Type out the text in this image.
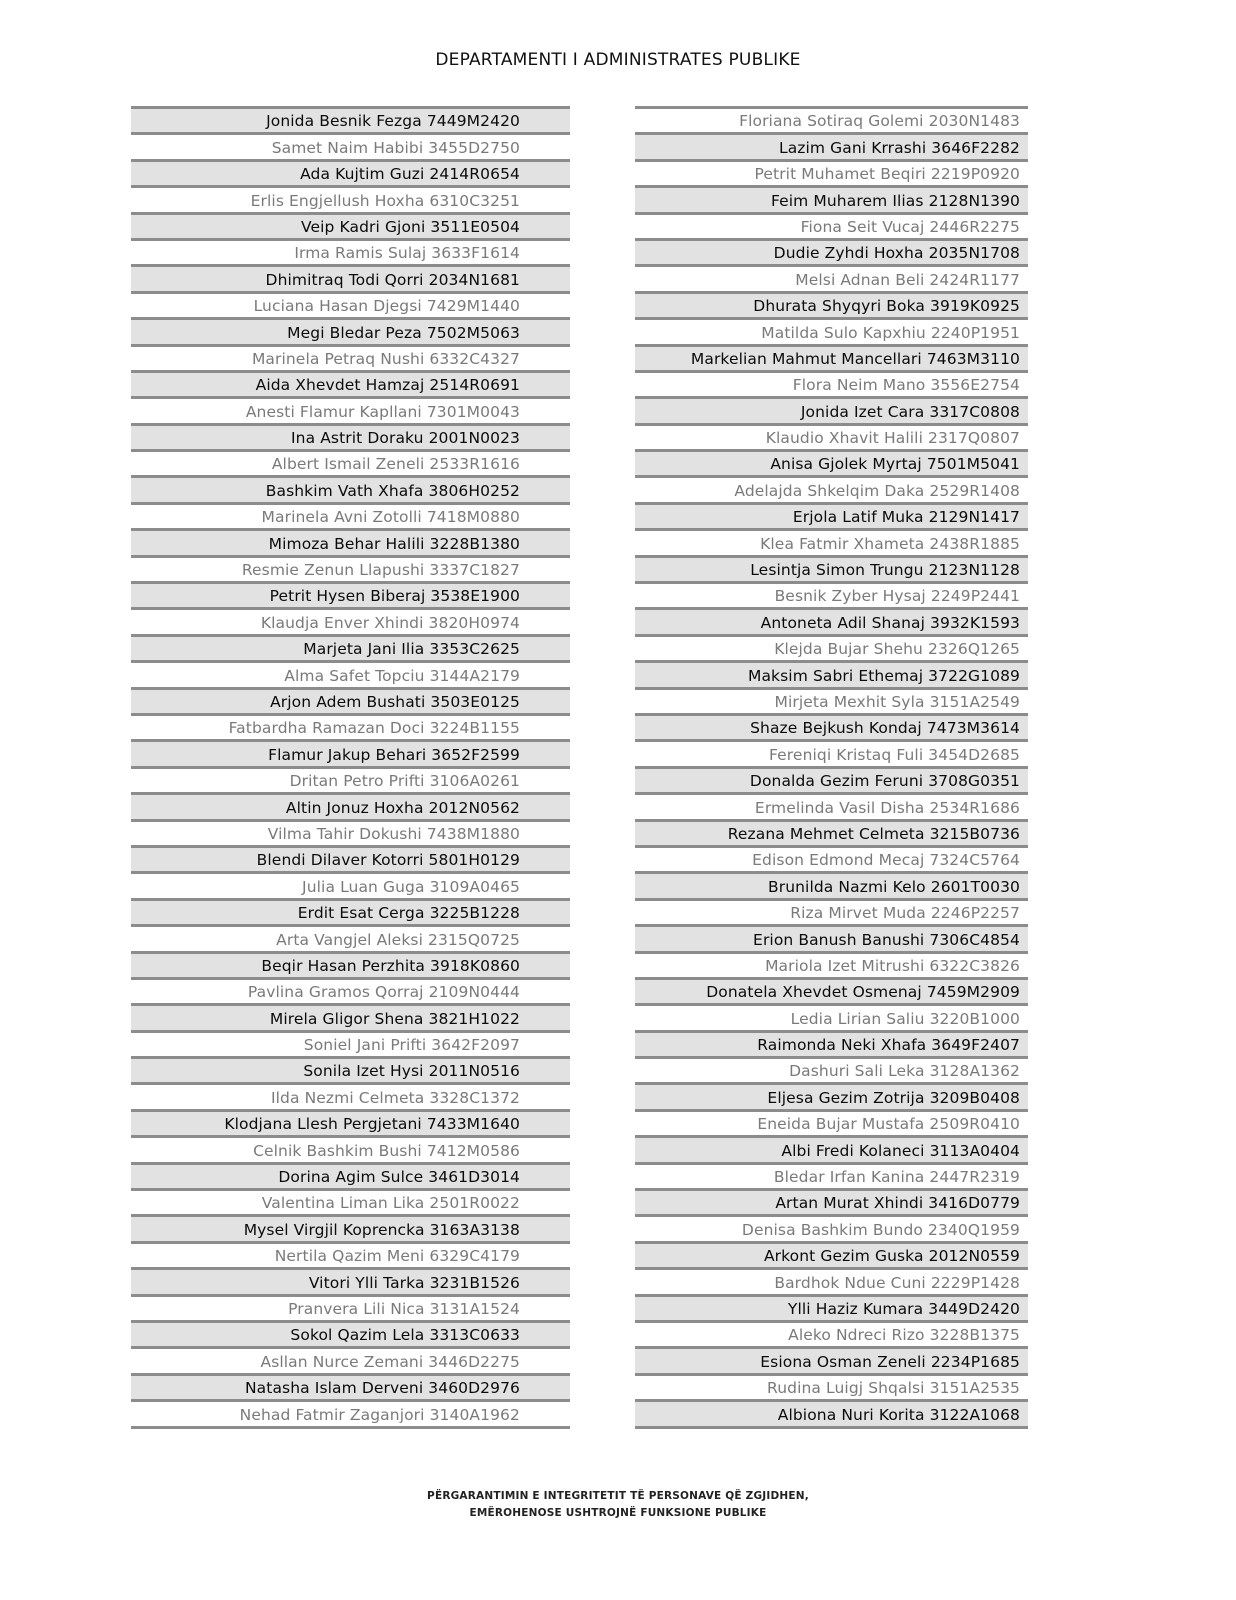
DEPARTAMENTI I ADMINISTRATES PUBLIKE
Jonida Besnik Fezga 7449M2420
Samet Naim Habibi 3455D2750
Ada Kujtim Guzi 2414R0654
Erlis Engjellush Hoxha 6310C3251
Veip Kadri Gjoni 3511E0504
Irma Ramis Sulaj 3633F1614
Dhimitraq Todi Qorri 2034N1681
Luciana Hasan Djegsi 7429M1440
Megi Bledar Peza 7502M5063
Marinela Petraq Nushi 6332C4327
Aida Xhevdet Hamzaj 2514R0691
Anesti Flamur Kapllani 7301M0043
Ina Astrit Doraku 2001N0023
Albert Ismail Zeneli 2533R1616
Bashkim Vath Xhafa 3806H0252
Marinela Avni Zotolli 7418M0880
Mimoza Behar Halili 3228B1380
Resmie Zenun Llapushi 3337C1827
Petrit Hysen Biberaj 3538E1900
Klaudja Enver Xhindi 3820H0974
Marjeta Jani Ilia 3353C2625
Alma Safet Topciu 3144A2179
Arjon Adem Bushati 3503E0125
Fatbardha Ramazan Doci 3224B1155
Flamur Jakup Behari 3652F2599
Dritan Petro Prifti 3106A0261
Altin Jonuz Hoxha 2012N0562
Vilma Tahir Dokushi 7438M1880
Blendi Dilaver Kotorri 5801H0129
Julia Luan Guga 3109A0465
Erdit Esat Cerga 3225B1228
Arta Vangjel Aleksi 2315Q0725
Beqir Hasan Perzhita 3918K0860
Pavlina Gramos Qorraj 2109N0444
Mirela Gligor Shena 3821H1022
Soniel Jani Prifti 3642F2097
Sonila Izet Hysi 2011N0516
Ilda Nezmi Celmeta 3328C1372
Klodjana Llesh Pergjetani 7433M1640
Celnik Bashkim Bushi 7412M0586
Dorina Agim Sulce 3461D3014
Valentina Liman Lika 2501R0022
Mysel Virgjil Koprencka 3163A3138
Nertila Qazim Meni 6329C4179
Vitori Ylli Tarka 3231B1526
Pranvera Lili Nica 3131A1524
Sokol Qazim Lela 3313C0633
Asllan Nurce Zemani 3446D2275
Natasha Islam Derveni 3460D2976
Nehad Fatmir Zaganjori 3140A1962
Floriana Sotiraq Golemi 2030N1483
Lazim Gani Krrashi 3646F2282
Petrit Muhamet Beqiri 2219P0920
Feim Muharem Ilias 2128N1390
Fiona Seit Vucaj 2446R2275
Dudie Zyhdi Hoxha 2035N1708
Melsi Adnan Beli 2424R1177
Dhurata Shyqyri Boka 3919K0925
Matilda Sulo Kapxhiu 2240P1951
Markelian Mahmut Mancellari 7463M3110
Flora Neim Mano 3556E2754
Jonida Izet Cara 3317C0808
Klaudio Xhavit Halili 2317Q0807
Anisa Gjolek Myrtaj 7501M5041
Adelajda Shkelqim Daka 2529R1408
Erjola Latif Muka 2129N1417
Klea Fatmir Xhameta 2438R1885
Lesintja Simon Trungu 2123N1128
Besnik Zyber Hysaj 2249P2441
Antoneta Adil Shanaj 3932K1593
Klejda Bujar Shehu 2326Q1265
Maksim Sabri Ethemaj 3722G1089
Mirjeta Mexhit Syla 3151A2549
Shaze Bejkush Kondaj 7473M3614
Fereniqi Kristaq Fuli 3454D2685
Donalda Gezim Feruni 3708G0351
Ermelinda Vasil Disha 2534R1686
Rezana Mehmet Celmeta 3215B0736
Edison Edmond Mecaj 7324C5764
Brunilda Nazmi Kelo 2601T0030
Riza Mirvet Muda 2246P2257
Erion Banush Banushi 7306C4854
Mariola Izet Mitrushi 6322C3826
Donatela Xhevdet Osmenaj 7459M2909
Ledia Lirian Saliu 3220B1000
Raimonda Neki Xhafa 3649F2407
Dashuri Sali Leka 3128A1362
Eljesa Gezim Zotrija 3209B0408
Eneida Bujar Mustafa 2509R0410
Albi Fredi Kolaneci 3113A0404
Bledar Irfan Kanina 2447R2319
Artan Murat Xhindi 3416D0779
Denisa Bashkim Bundo 2340Q1959
Arkont Gezim Guska 2012N0559
Bardhok Ndue Cuni 2229P1428
Ylli Haziz Kumara 3449D2420
Aleko Ndreci Rizo 3228B1375
Esiona Osman Zeneli 2234P1685
Rudina Luigj Shqalsi 3151A2535
Albiona Nuri Korita 3122A1068
PËRGARANTIMIN E INTEGRITETIT TË PERSONAVE QË ZGJIDHEN,
EMËROHENOSE USHTROJNË FUNKSIONE PUBLIKE
